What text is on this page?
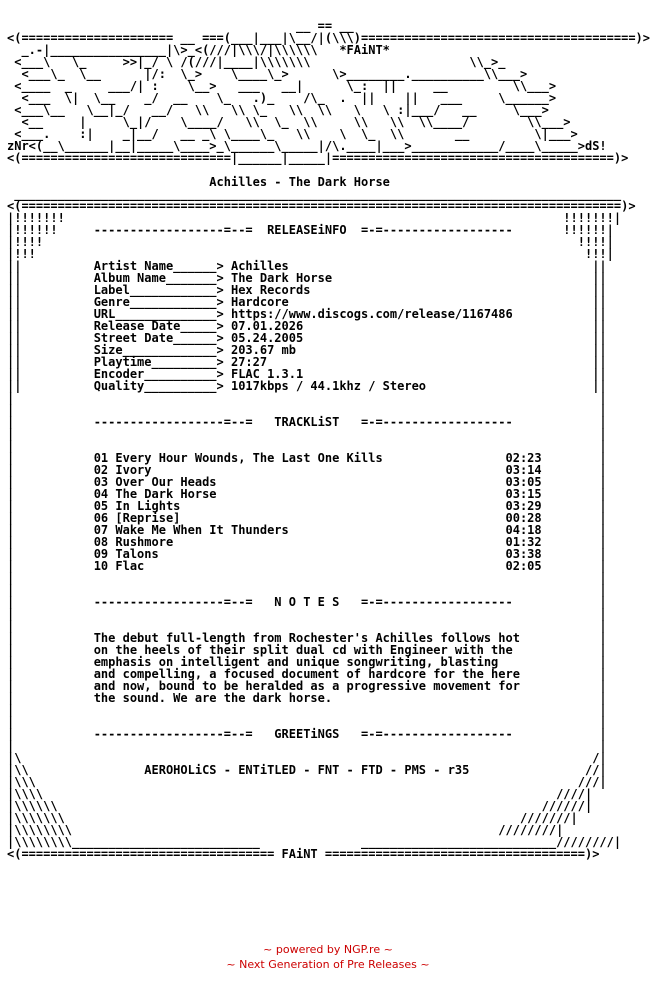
__ == __
<(===================== __ ===(___|___|\__/|(\\\)======================================)>
_.-|________________|\>_<(///|\\\/|\\\\\\   *FAiNT*
<___\   \_     >>|_/ \ /(///|____|\\\\\\\                      \\_>_
<___\_  \__      |/:  \_>    \____\_>      \>________.__________\\___>
<____  _     ___/| :    \__>   ___   __|      \_:  ||     __         \\___>
<___  \|  \__    _/  __    \_   .)_    /\_  .  ||    ||   ___     \______>
<___\__   \__|_/   __/   \\   \\ \_   \\  \\   \   \ :|___/   __     \___>
<__     |     \_|/    \____/   \\  \_  \\     \\   \\  \\____/        \\___>
<___.    :|    _|__/   __ _\ \____\_   \\    \  \_  \\       __         \|___>
zNr<(__\______|__|_____\____>_\______\_____|/\.____|___>____________/____\_____>dS!
<(=============================|______|_____|=======================================)>

Achilles - The Dark Horse
____________________________________________________________________________________
<(===================================================================================)>
|!!!!!!!                                                                     !!!!!!!|
|!!!!!!     ------------------=--=  RELEASEiNFO  =-=------------------       !!!!!!|
|!!!!                                                                          !!!!|
|!!!                                                                            !!!|
||          Artist Name______> Achilles                                          ||
||          Album Name_______> The Dark Horse                                    ||
||          Label____________> Hex Records                                       ||
||          Genre____________> Hardcore                                          ||
||          URL______________> https://www.discogs.com/release/1167486           ||
||          Release Date_____> 07.01.2026                                        ||
||          Street Date______> 05.24.2005                                        ||
||          Size_____________> 203.67 mb                                         ||
||          Playtime_________> 27:27                                             ||
||          Encoder__________> FLAC 1.3.1                                        ||
||          Quality__________> 1017kbps / 44.1khz / Stereo                       ||
|                                                                                 |
|                                                                                 |
|           ------------------=--=   TRACKLiST   =-=------------------            |
|                                                                                 |
|                                                                                 |
|           01 Every Hour Wounds, The Last One Kills                 02:23        |
|           02 Ivory                                                 03:14        |
|           03 Over Our Heads                                        03:05        |
|           04 The Dark Horse                                        03:15        |
|           05 In Lights                                             03:29        |
|           06 [Reprise]                                             00:28        |
|           07 Wake Me When It Thunders                              04:18        |
|           08 Rushmore                                              01:32        |
|           09 Talons                                                03:38        |
|           10 Flac                                                  02:05        |
|                                                                                 |
|                                                                                 |
|           ------------------=--=   N O T E S   =-=------------------            |
|                                                                                 |
|                                                                                 |
|           The debut full-length from Rochester's Achilles follows hot           |
|           on the heels of their split dual cd with Engineer with the            |
|           emphasis on intelligent and unique songwriting, blasting              |
|           and compelling, a focused document of hardcore for the here           |
|           and now, bound to be heralded as a progressive movement for           |
|           the sound. We are the dark horse.                                     |
|                                                                                 |
|                                                                                 |
|           ------------------=--=   GREETiNGS   =-=------------------            |
|                                                                                 |
|\                                                                               /|
|\\                AEROHOLiCS - ENTiTLED - FNT - FTD - PMS - r35                //|
|\\\                                                                           ///|
|\\\\                                                                       ////|
|\\\\\\                                                                   //////|
|\\\\\\\                                                               ///////|
|\\\\\\\\                                                           ////////|
|\\\\\\\\__________________________              ___________________________////////|
<(=================================== FAiNT ====================================)>
~ powered by NGP.re ~
~ Next Generation of Pre Releases ~
